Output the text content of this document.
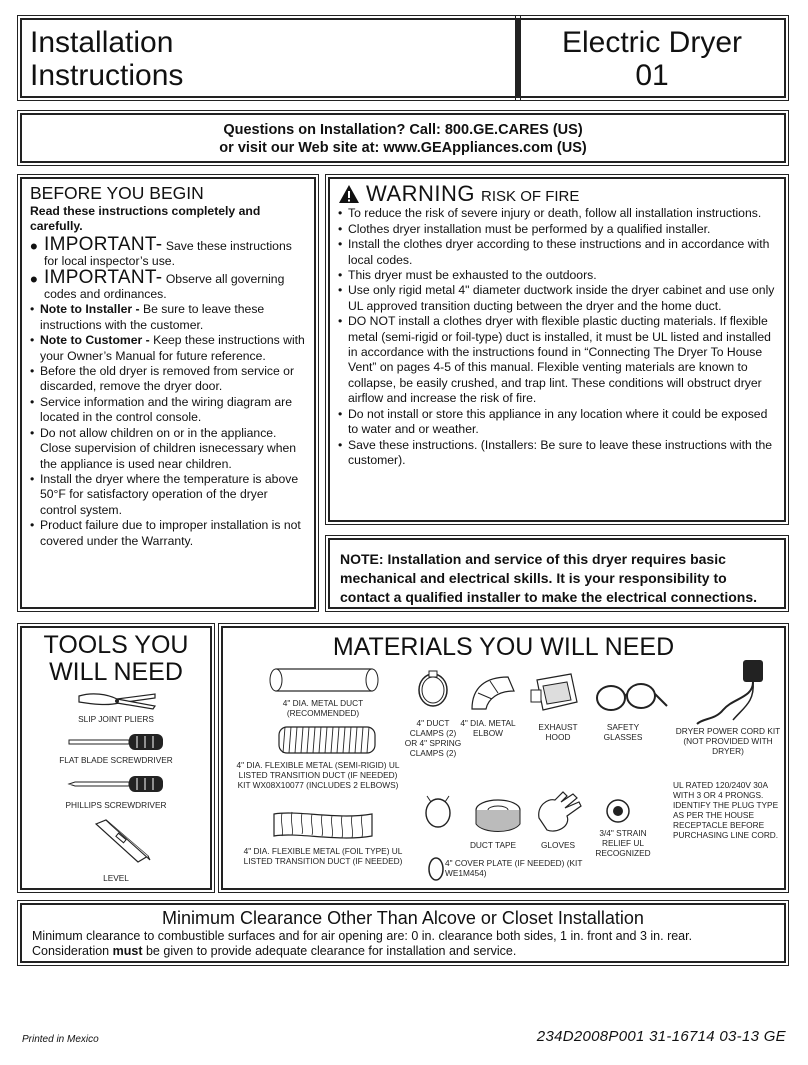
Installation
Instructions
Electric Dryer
01
Questions on Installation? Call: 800.GE.CARES (US)
or visit our Web site at: www.GEAppliances.com (US)
BEFORE YOU BEGIN
Read these instructions completely and carefully.
• IMPORTANT- Save these instructions for local inspector’s use.
• IMPORTANT- Observe all governing codes and ordinances.
• Note to Installer - Be sure to leave these instructions with the customer.
• Note to Customer - Keep these instructions with your Owner’s Manual for future reference.
• Before the old dryer is removed from service or discarded, remove the dryer door.
• Service information and the wiring diagram are located in the control console.
• Do not allow children on or in the appliance. Close supervision of children isnecessary when the appliance is used near children.
• Install the dryer where the temperature is above 50°F for satisfactory operation of the dryer control system.
• Product failure due to improper installation is not covered under the Warranty.
WARNING RISK OF FIRE
• To reduce the risk of severe injury or death, follow all installation instructions.
• Clothes dryer installation must be performed by a qualified installer.
• Install the clothes dryer according to these instructions and in accordance with local codes.
• This dryer must be exhausted to the outdoors.
• Use only rigid metal 4" diameter ductwork inside the dryer cabinet and use only UL approved transition ducting between the dryer and the home duct.
• DO NOT install a clothes dryer with flexible plastic ducting materials. If flexible metal (semi-rigid or foil-type) duct is installed, it must be UL listed and installed in accordance with the instructions found in “Connecting The Dryer To House Vent” on pages 4-5 of this manual. Flexible venting materials are known to collapse, be easily crushed, and trap lint. These conditions will obstruct dryer airflow and increase the risk of fire.
• Do not install or store this appliance in any location where it could be exposed to water and or weather.
• Save these instructions. (Installers: Be sure to leave these instructions with the customer).
NOTE: Installation and service of this dryer requires basic mechanical and electrical skills. It is your responsibility to contact a qualified installer to make the electrical connections.
TOOLS YOU
WILL NEED
SLIP JOINT PLIERS
FLAT BLADE SCREWDRIVER
PHILLIPS SCREWDRIVER
LEVEL
MATERIALS YOU WILL NEED
4" DIA. METAL DUCT (RECOMMENDED)
4" DIA. FLEXIBLE METAL (SEMI-RIGID) UL LISTED TRANSITION DUCT (IF NEEDED) KIT WX08X10077 (INCLUDES 2 ELBOWS)
4" DIA. FLEXIBLE METAL (FOIL TYPE) UL LISTED TRANSITION DUCT (IF NEEDED)
4" DUCT CLAMPS (2) OR 4" SPRING CLAMPS (2)
4" DIA. METAL ELBOW
EXHAUST HOOD
SAFETY GLASSES
DRYER POWER CORD KIT (NOT PROVIDED WITH DRYER)
UL RATED 120/240V 30A WITH 3 OR 4 PRONGS. IDENTIFY THE PLUG TYPE AS PER THE HOUSE RECEPTACLE BEFORE PURCHASING LINE CORD.
DUCT TAPE	GLOVES
3/4" STRAIN RELIEF UL RECOGNIZED
4" COVER PLATE (IF NEEDED) (KIT WE1M454)
Minimum Clearance Other Than Alcove or Closet Installation
Minimum clearance to combustible surfaces and for air opening are: 0 in. clearance both sides, 1 in. front and 3 in. rear.
Consideration must be given to provide adequate clearance for installation and service.
Printed in Mexico	234D2008P001 31-16714 03-13 GE
